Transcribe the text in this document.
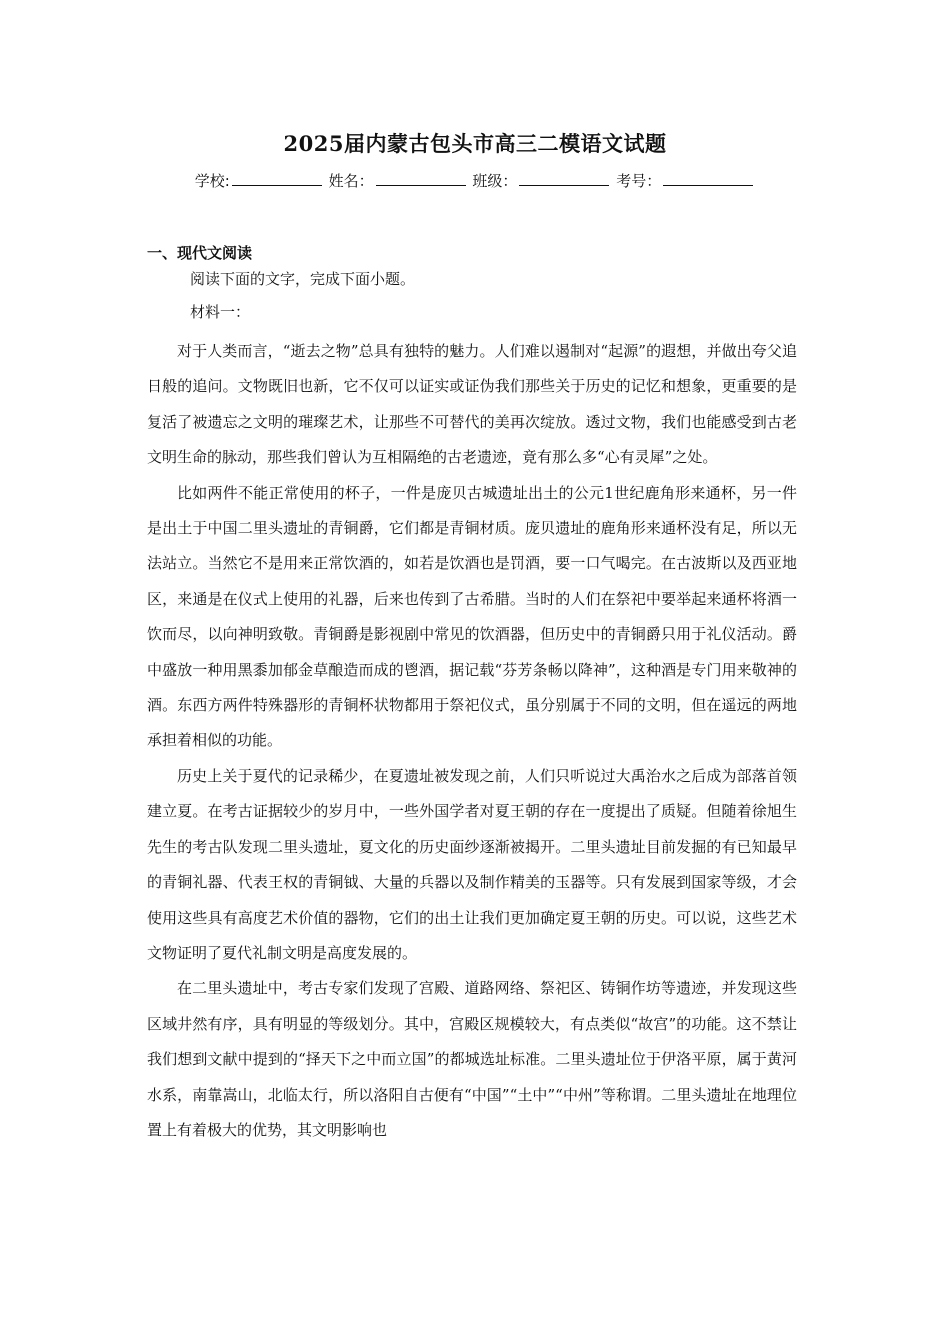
2025届内蒙古包头市高三二模语文试题
学校:	姓名：	班级：	考号：
一、现代文阅读
阅读下面的文字，完成下面小题。
材料一：

对于人类而言，“逝去之物”总具有独特的魅力。人们难以遏制对“起源”的遐想，并做出夸父追日般的追问。文物既旧也新，它不仅可以证实或证伪我们那些关于历史的记忆和想象，更重要的是复活了被遗忘之文明的璀璨艺术，让那些不可替代的美再次绽放。透过文物，我们也能感受到古老文明生命的脉动，那些我们曾认为互相隔绝的古老遗迹，竟有那么多“心有灵犀”之处。

比如两件不能正常使用的杯子，一件是庞贝古城遗址出土的公元1世纪鹿角形来通杯，另一件是出土于中国二里头遗址的青铜爵，它们都是青铜材质。庞贝遗址的鹿角形来通杯没有足，所以无法站立。当然它不是用来正常饮酒的，如若是饮酒也是罚酒，要一口气喝完。在古波斯以及西亚地区，来通是在仪式上使用的礼器，后来也传到了古希腊。当时的人们在祭祀中要举起来通杯将酒一饮而尽，以向神明致敬。青铜爵是影视剧中常见的饮酒器，但历史中的青铜爵只用于礼仪活动。爵中盛放一种用黑黍加郁金草酿造而成的鬯酒，据记载“芬芳条畅以降神”，这种酒是专门用来敬神的酒。东西方两件特殊器形的青铜杯状物都用于祭祀仪式，虽分别属于不同的文明，但在遥远的两地承担着相似的功能。

历史上关于夏代的记录稀少，在夏遗址被发现之前，人们只听说过大禹治水之后成为部落首领建立夏。在考古证据较少的岁月中，一些外国学者对夏王朝的存在一度提出了质疑。但随着徐旭生先生的考古队发现二里头遗址，夏文化的历史面纱逐渐被揭开。二里头遗址目前发掘的有已知最早的青铜礼器、代表王权的青铜钺、大量的兵器以及制作精美的玉器等。只有发展到国家等级，才会使用这些具有高度艺术价值的器物，它们的出土让我们更加确定夏王朝的历史。可以说，这些艺术文物证明了夏代礼制文明是高度发展的。

在二里头遗址中，考古专家们发现了宫殿、道路网络、祭祀区、铸铜作坊等遗迹，并发现这些区域井然有序，具有明显的等级划分。其中，宫殿区规模较大，有点类似“故宫”的功能。这不禁让我们想到文献中提到的“择天下之中而立国”的都城选址标准。二里头遗址位于伊洛平原，属于黄河水系，南靠嵩山，北临太行，所以洛阳自古便有“中国”“土中”“中州”等称谓。二里头遗址在地理位置上有着极大的优势，其文明影响也
